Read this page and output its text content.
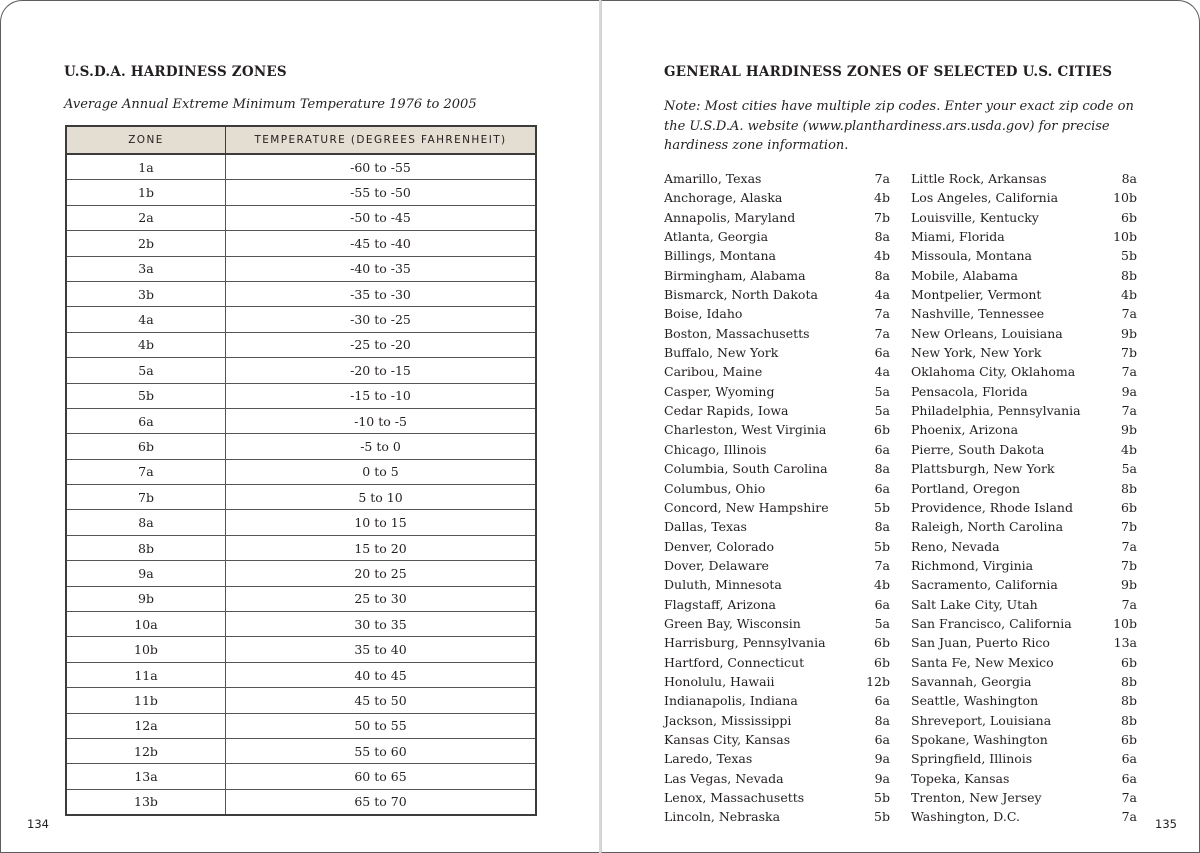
U.S.D.A. HARDINESS ZONES
Average Annual Extreme Minimum Temperature 1976 to 2005
ZONE	TEMPERATURE (DEGREES FAHRENHEIT)
1a	-60 to -55
1b	-55 to -50
2a	-50 to -45
2b	-45 to -40
3a	-40 to -35
3b	-35 to -30
4a	-30 to -25
4b	-25 to -20
5a	-20 to -15
5b	-15 to -10
6a	-10 to -5
6b	-5 to 0
7a	0 to 5
7b	5 to 10
8a	10 to 15
8b	15 to 20
9a	20 to 25
9b	25 to 30
10a	30 to 35
10b	35 to 40
11a	40 to 45
11b	45 to 50
12a	50 to 55
12b	55 to 60
13a	60 to 65
13b	65 to 70
134
GENERAL HARDINESS ZONES OF SELECTED U.S. CITIES
Note: Most cities have multiple zip codes. Enter your exact zip code on the U.S.D.A. website (www.planthardiness.ars.usda.gov) for precise hardiness zone information.
Amarillo, Texas	7a
Anchorage, Alaska	4b
Annapolis, Maryland	7b
Atlanta, Georgia	8a
Billings, Montana	4b
Birmingham, Alabama	8a
Bismarck, North Dakota	4a
Boise, Idaho	7a
Boston, Massachusetts	7a
Buffalo, New York	6a
Caribou, Maine	4a
Casper, Wyoming	5a
Cedar Rapids, Iowa	5a
Charleston, West Virginia	6b
Chicago, Illinois	6a
Columbia, South Carolina	8a
Columbus, Ohio	6a
Concord, New Hampshire	5b
Dallas, Texas	8a
Denver, Colorado	5b
Dover, Delaware	7a
Duluth, Minnesota	4b
Flagstaff, Arizona	6a
Green Bay, Wisconsin	5a
Harrisburg, Pennsylvania	6b
Hartford, Connecticut	6b
Honolulu, Hawaii	12b
Indianapolis, Indiana	6a
Jackson, Mississippi	8a
Kansas City, Kansas	6a
Laredo, Texas	9a
Las Vegas, Nevada	9a
Lenox, Massachusetts	5b
Lincoln, Nebraska	5b
Little Rock, Arkansas	8a
Los Angeles, California	10b
Louisville, Kentucky	6b
Miami, Florida	10b
Missoula, Montana	5b
Mobile, Alabama	8b
Montpelier, Vermont	4b
Nashville, Tennessee	7a
New Orleans, Louisiana	9b
New York, New York	7b
Oklahoma City, Oklahoma	7a
Pensacola, Florida	9a
Philadelphia, Pennsylvania	7a
Phoenix, Arizona	9b
Pierre, South Dakota	4b
Plattsburgh, New York	5a
Portland, Oregon	8b
Providence, Rhode Island	6b
Raleigh, North Carolina	7b
Reno, Nevada	7a
Richmond, Virginia	7b
Sacramento, California	9b
Salt Lake City, Utah	7a
San Francisco, California	10b
San Juan, Puerto Rico	13a
Santa Fe, New Mexico	6b
Savannah, Georgia	8b
Seattle, Washington	8b
Shreveport, Louisiana	8b
Spokane, Washington	6b
Springfield, Illinois	6a
Topeka, Kansas	6a
Trenton, New Jersey	7a
Washington, D.C.	7a 135
